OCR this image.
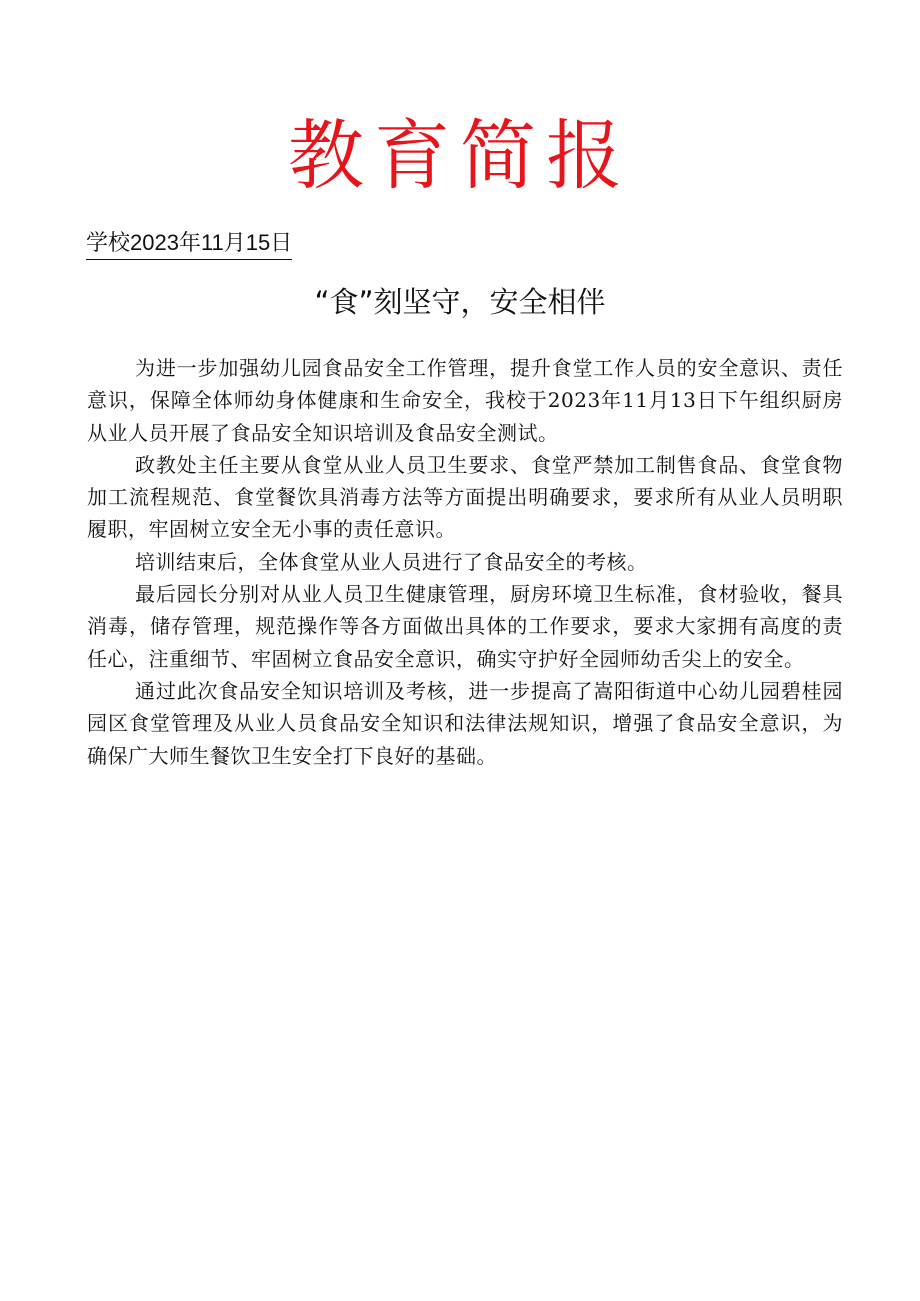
教育简报
学校2023年11月15日
“食”刻坚守，安全相伴

为进一步加强幼儿园食品安全工作管理，提升食堂工作人员的安全意识、责任意识，保障全体师幼身体健康和生命安全，我校于2023年11月13日下午组织厨房从业人员开展了食品安全知识培训及食品安全测试。

政教处主任主要从食堂从业人员卫生要求、食堂严禁加工制售食品、食堂食物加工流程规范、食堂餐饮具消毒方法等方面提出明确要求，要求所有从业人员明职履职，牢固树立安全无小事的责任意识。

培训结束后，全体食堂从业人员进行了食品安全的考核。

最后园长分别对从业人员卫生健康管理，厨房环境卫生标准，食材验收，餐具消毒，储存管理，规范操作等各方面做出具体的工作要求，要求大家拥有高度的责任心，注重细节、牢固树立食品安全意识，确实守护好全园师幼舌尖上的安全。

通过此次食品安全知识培训及考核，进一步提高了嵩阳街道中心幼儿园碧桂园园区食堂管理及从业人员食品安全知识和法律法规知识，增强了食品安全意识，为确保广大师生餐饮卫生安全打下良好的基础。
